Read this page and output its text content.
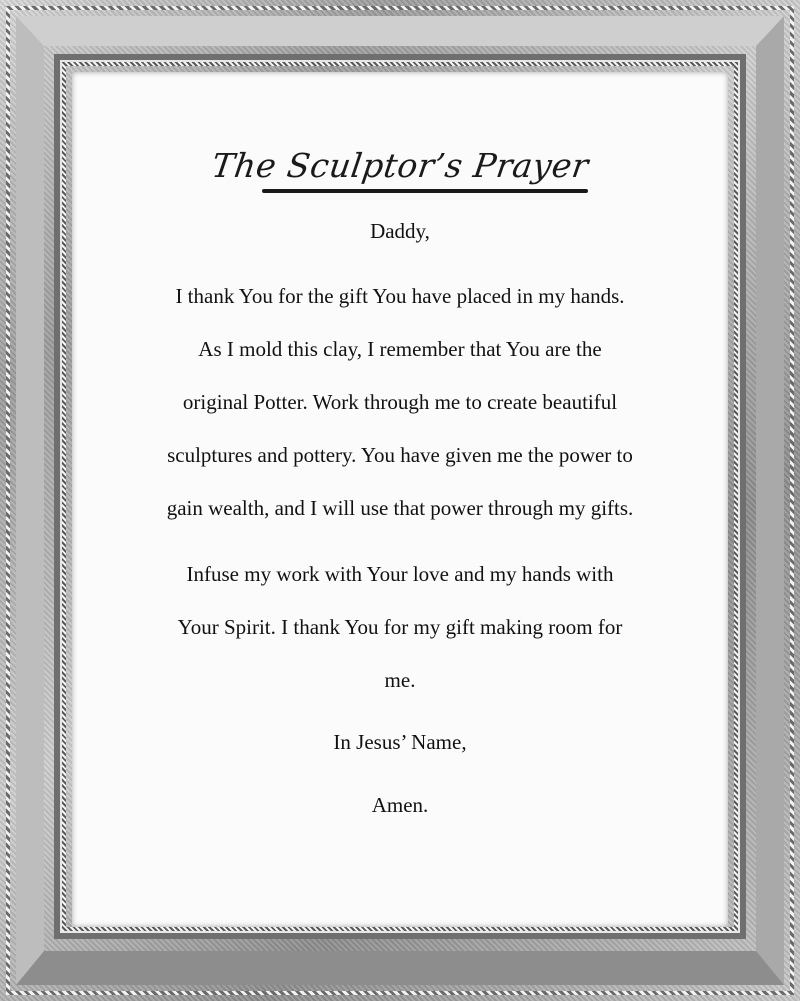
The Sculptor’s Prayer
Daddy,
I thank You for the gift You have placed in my hands.
As I mold this clay, I remember that You are the
original Potter. Work through me to create beautiful
sculptures and pottery. You have given me the power to
gain wealth, and I will use that power through my gifts.
Infuse my work with Your love and my hands with
Your Spirit. I thank You for my gift making room for
me.
In Jesus’ Name,
Amen.
